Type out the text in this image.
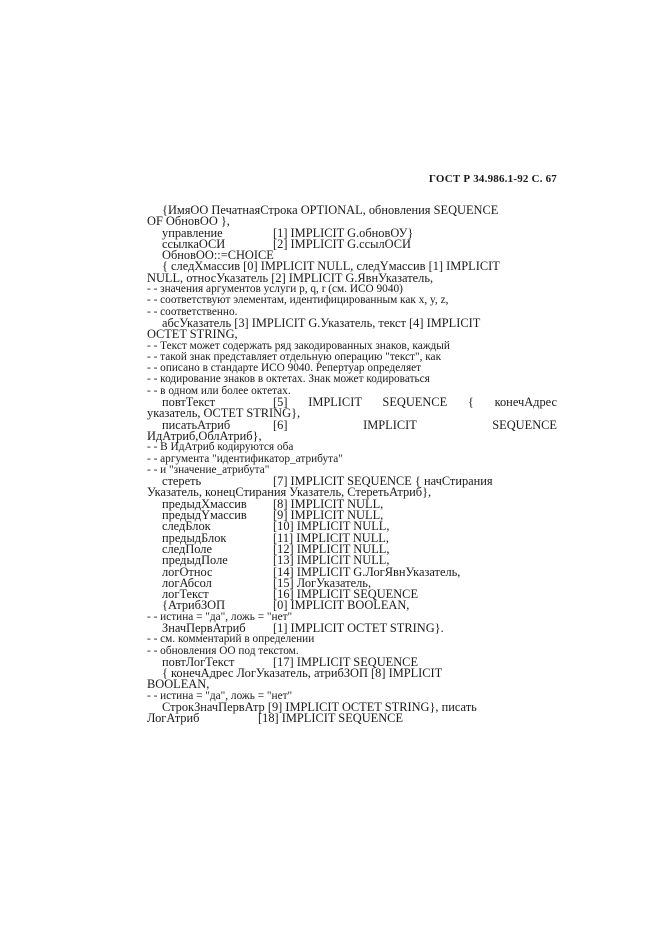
ГОСТ Р 34.986.1-92 С. 67
{ИмяОО ПечатнаяСтрока OPTIONAL, обновления SEQUENCE
OF ОбновОО },
управление	[1] IMPLICIT G.обновОУ}
ссылкаОСИ	[2] IMPLICIT G.ссылОСИ
ОбновОО::=CHOICE
{ следХмассив [0] IMPLICIT NULL, следYмассив [1] IMPLICIT
NULL, относУказатель [2] IMPLICIT G.ЯвнУказатель,
- - значения аргументов услуги p, q, r (см. ИСО 9040)
- - соответствуют элементам, идентифицированным как x, y, z,
- - соответственно.
абсУказатель [3] IMPLICIT G.Указатель, текст [4] IMPLICIT
OCTET STRING,
- - Текст может содержать ряд закодированных знаков, каждый
- - такой знак представляет отдельную операцию "текст", как
- - описано в стандарте ИСО 9040. Репертуар определяет
- - кодирование знаков в октетах. Знак может кодироваться
- - в одном или более октетах.
повтТекст	[5] IMPLICIT SEQUENCE { конечАдрес
указатель, OCTET STRING},
писатьАтриб	[6] IMPLICIT SEQUENCE
ИдАтриб,ОблАтриб},
- - В ИдАтриб кодируются оба
- - аргумента "идентификатор_атрибута"
- - и "значение_атрибута"
стереть	[7] IMPLICIT SEQUENCE { начСтирания
Указатель, конецСтирания Указатель, СтеретьАтриб},
предыдХмассив [8] IMPLICIT NULL,
предыдYмассив [9] IMPLICIT NULL,
следБлок	[10] IMPLICIT NULL,
предыдБлок	[11] IMPLICIT NULL,
следПоле	[12] IMPLICIT NULL,
предыдПоле	[13] IMPLICIT NULL,
логОтнос	[14] IMPLICIT G.ЛогЯвнУказатель,
логАбсол	[15] ЛогУказатель,
логТекст	[16] IMPLICIT SEQUENCE
{АтрибЗОП	[0] IMPLICIT BOOLEAN,
- - истина = "да", ложь = "нет"
ЗначПервАтриб [1] IMPLICIT OCTET STRING}.
- - см. комментарий в определении
- - обновления ОО под текстом.
повтЛогТекст	[17] IMPLICIT SEQUENCE
{ конечАдрес ЛогУказатель, атрибЗОП [8] IMPLICIT
BOOLEAN,
- - истина = "да", ложь = "нет"
СтрокЗначПервАтр [9] IMPLICIT OCTET STRING}, писать
ЛогАтриб	[18] IMPLICIT SEQUENCE
